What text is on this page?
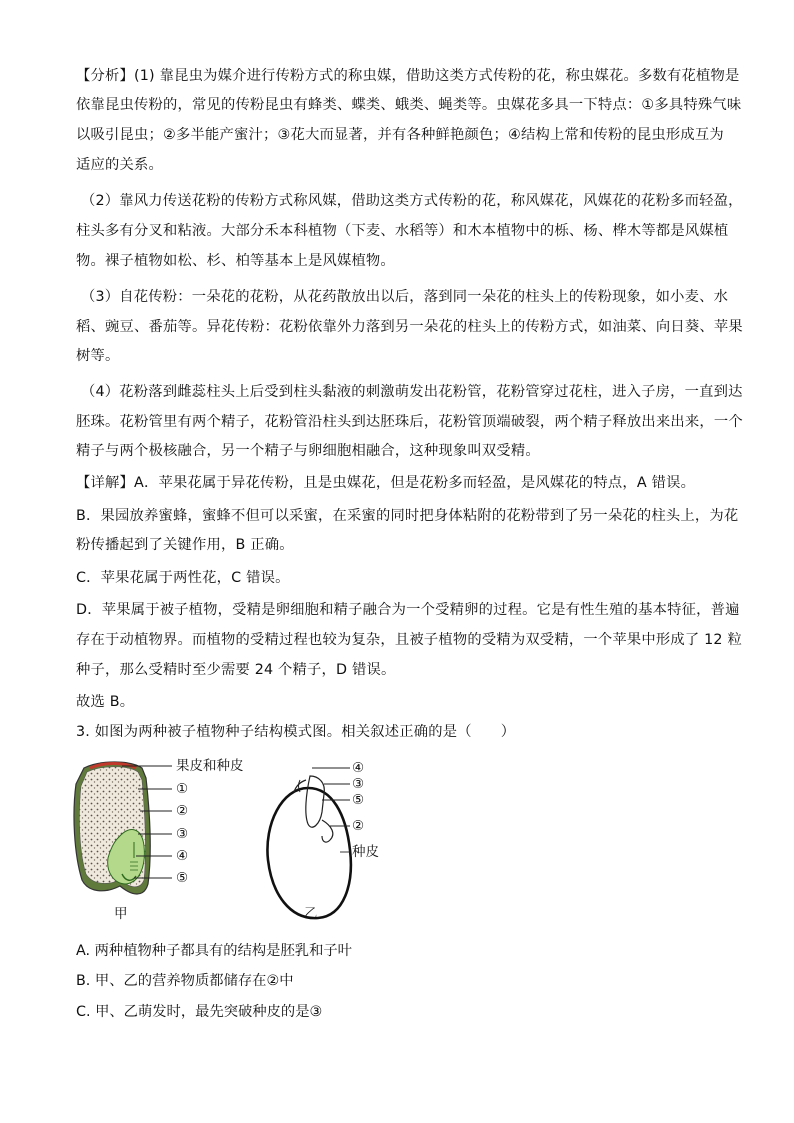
【分析】(1) 靠昆虫为媒介进行传粉方式的称虫媒，借助这类方式传粉的花，称虫媒花。多数有花植物是
依靠昆虫传粉的，常见的传粉昆虫有蜂类、蝶类、蛾类、蝇类等。虫媒花多具一下特点：①多具特殊气味
以吸引昆虫；②多半能产蜜汁；③花大而显著，并有各种鲜艳颜色；④结构上常和传粉的昆虫形成互为
适应的关系。
（2）靠风力传送花粉的传粉方式称风媒，借助这类方式传粉的花，称风媒花，风媒花的花粉多而轻盈，
柱头多有分叉和粘液。大部分禾本科植物（下麦、水稻等）和木本植物中的栎、杨、桦木等都是风媒植
物。裸子植物如松、杉、柏等基本上是风媒植物。
（3）自花传粉：一朵花的花粉，从花药散放出以后，落到同一朵花的柱头上的传粉现象，如小麦、水
稻、豌豆、番茄等。异花传粉：花粉依靠外力落到另一朵花的柱头上的传粉方式，如油菜、向日葵、苹果
树等。
（4）花粉落到雌蕊柱头上后受到柱头黏液的刺激萌发出花粉管，花粉管穿过花柱，进入子房，一直到达
胚珠。花粉管里有两个精子，花粉管沿柱头到达胚珠后，花粉管顶端破裂，两个精子释放出来出来，一个
精子与两个极核融合，另一个精子与卵细胞相融合，这种现象叫双受精。
【详解】A．苹果花属于异花传粉，且是虫媒花，但是花粉多而轻盈，是风媒花的特点，A 错误。
B．果园放养蜜蜂，蜜蜂不但可以采蜜，在采蜜的同时把身体粘附的花粉带到了另一朵花的柱头上，为花
粉传播起到了关键作用，B 正确。
C．苹果花属于两性花，C 错误。
D．苹果属于被子植物，受精是卵细胞和精子融合为一个受精卵的过程。它是有性生殖的基本特征，普遍
存在于动植物界。而植物的受精过程也较为复杂，且被子植物的受精为双受精，一个苹果中形成了 12 粒
种子，那么受精时至少需要 24 个精子，D 错误。
故选 B。
3. 如图为两种被子植物种子结构模式图。相关叙述正确的是（　　）
果皮和种皮
①
②
③
④
⑤
④
③
⑤
②
种皮
甲	乙
A. 两种植物种子都具有的结构是胚乳和子叶
B. 甲、乙的营养物质都储存在②中
C. 甲、乙萌发时，最先突破种皮的是③
